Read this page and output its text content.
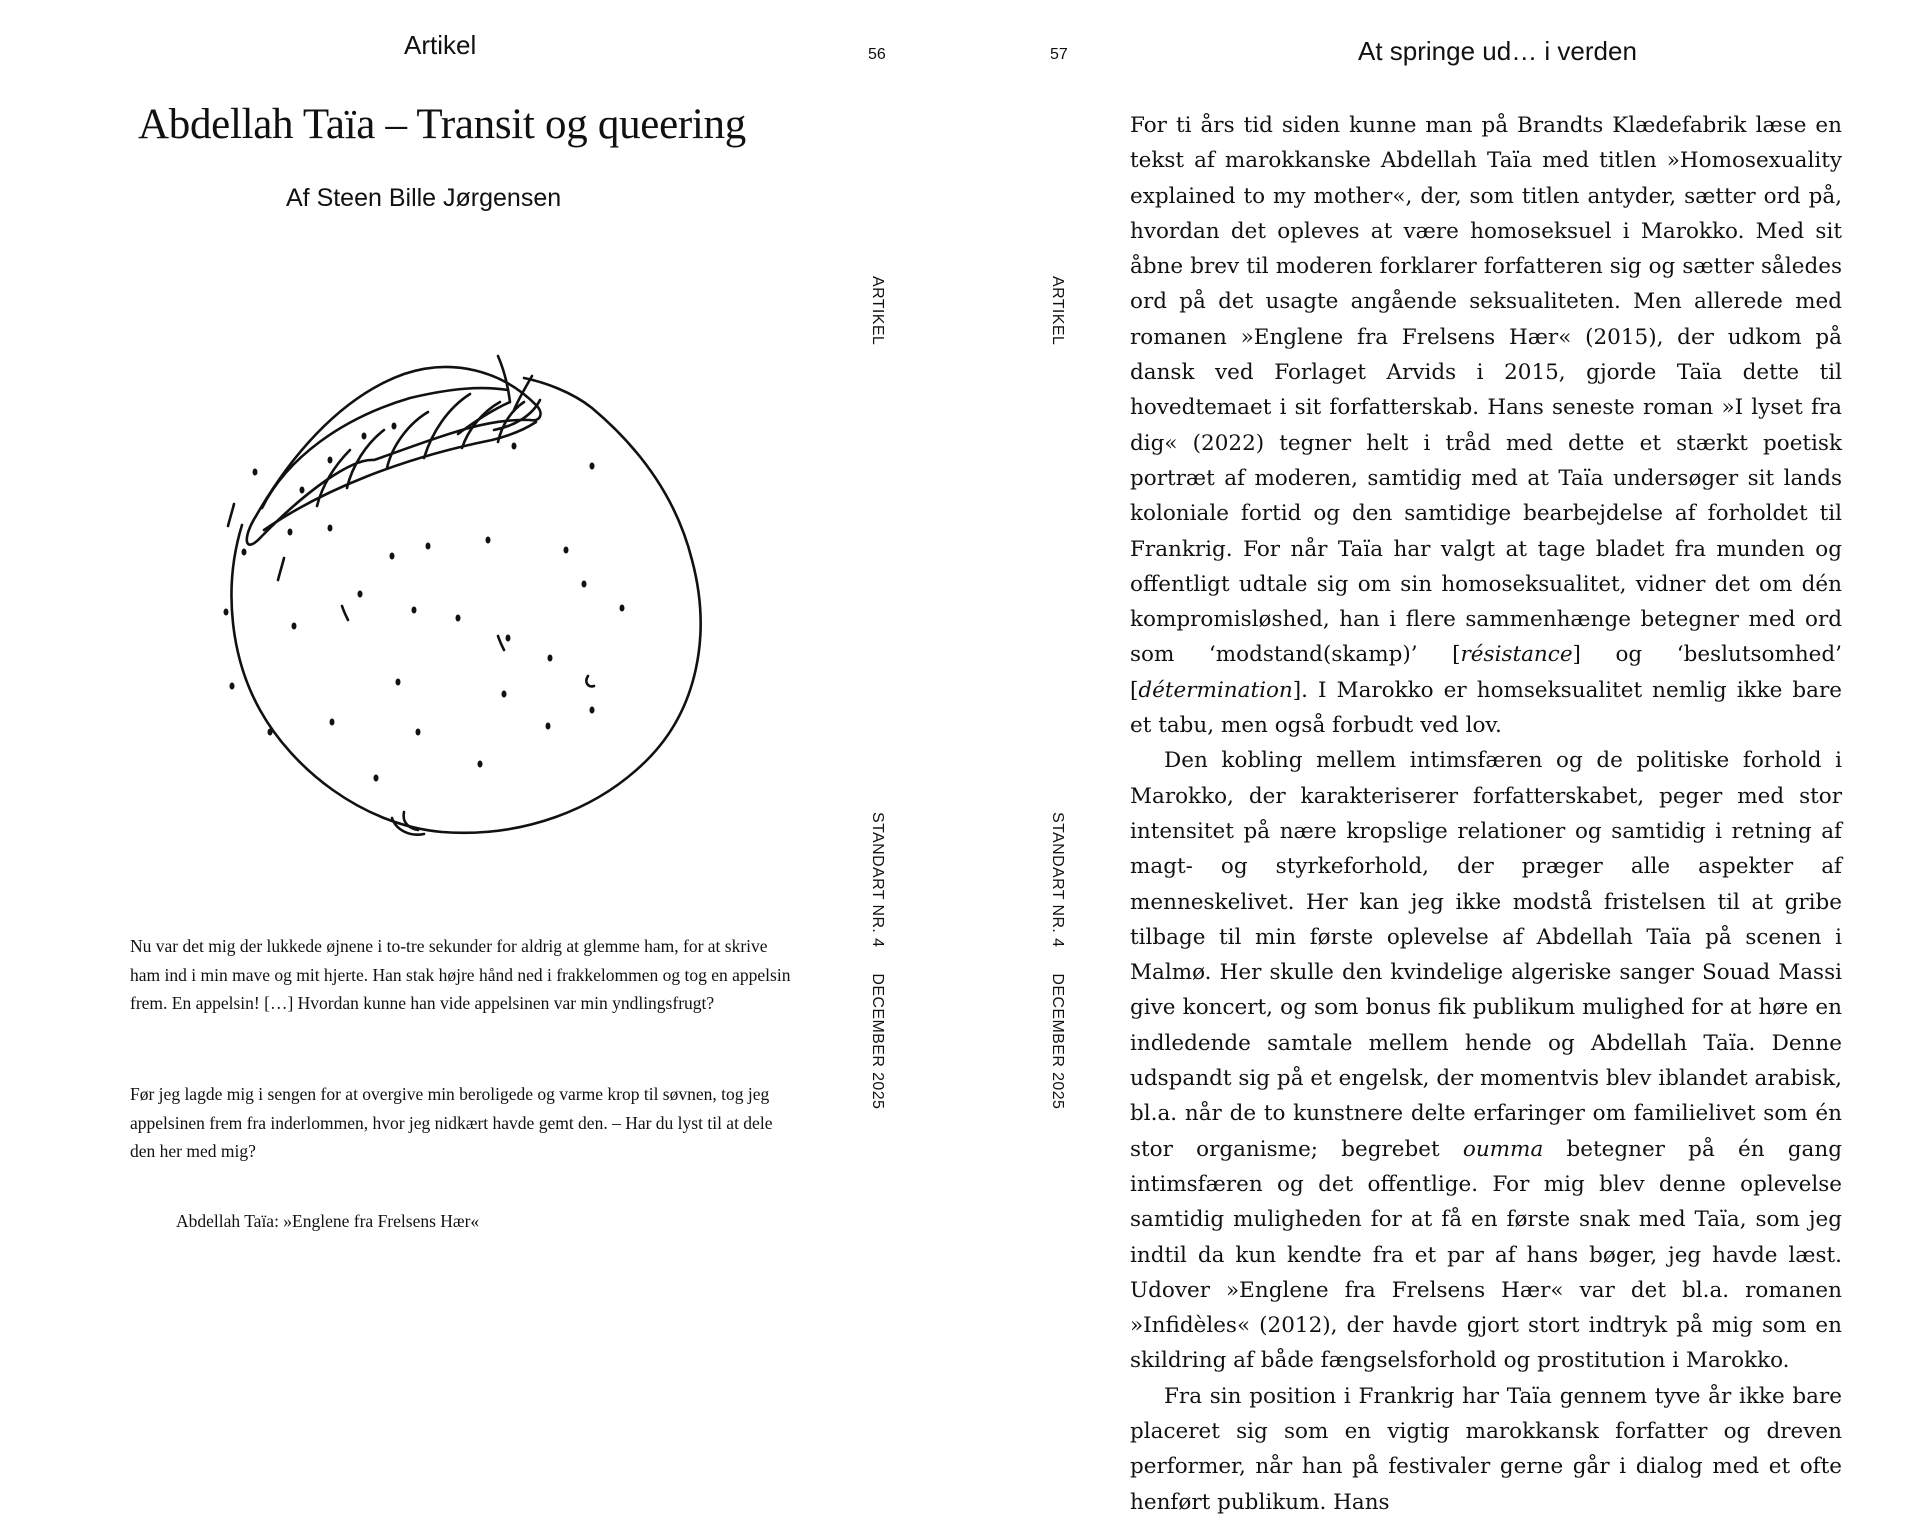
Artikel	56
Abdellah Taïa – Transit og queering
Af Steen Bille Jørgensen

Nu var det mig der lukkede øjnene i to-tre sekunder for aldrig at glemme ham, for at skrive ham ind i min mave og mit hjerte. Han stak højre hånd ned i frakkelommen og tog en appelsin frem. En appelsin! […] Hvordan kunne han vide appelsinen var min yndlingsfrugt?

Før jeg lagde mig i sengen for at overgive min beroligede og varme krop til søvnen, tog jeg appelsinen frem fra inderlommen, hvor jeg nidkært havde gemt den. – Har du lyst til at dele den her med mig?

Abdellah Taïa: »Englene fra Frelsens Hær«
ARTIKEL
STANDART NR. 4DECEMBER 2025
57	At springe ud… i verden
ARTIKEL
STANDART NR. 4DECEMBER 2025

For ti års tid siden kunne man på Brandts Klædefabrik læse en tekst af marokkanske Abdellah Taïa med titlen »Homosexuality explained to my mother«, der, som titlen antyder, sætter ord på, hvordan det opleves at være homoseksuel i Marokko. Med sit åbne brev til moderen forklarer forfatteren sig og sætter således ord på det usagte angående seksualiteten. Men allerede med romanen »Englene fra Frelsens Hær« (2015), der udkom på dansk ved Forlaget Arvids i 2015, gjorde Taïa dette til hovedtemaet i sit forfatterskab. Hans seneste roman »I lyset fra dig« (2022) tegner helt i tråd med dette et stærkt poetisk portræt af moderen, samtidig med at Taïa undersøger sit lands koloniale fortid og den samtidige bearbejdelse af forholdet til Frankrig. For når Taïa har valgt at tage bladet fra munden og offentligt udtale sig om sin homoseksualitet, vidner det om dén kompromisløshed, han i flere sammenhænge betegner med ord som ‘modstand(skamp)’ [résistance] og ‘beslutsomhed’ [détermination]. I Marokko er homseksualitet nemlig ikke bare et tabu, men også forbudt ved lov.

Den kobling mellem intimsfæren og de politiske forhold i Marokko, der karakteriserer forfatterskabet, peger med stor intensitet på nære kropslige relationer og samtidig i retning af magt- og styrkeforhold, der præger alle aspekter af menneskelivet. Her kan jeg ikke modstå fristelsen til at gribe tilbage til min første oplevelse af Abdellah Taïa på scenen i Malmø. Her skulle den kvindelige algeriske sanger Souad Massi give koncert, og som bonus fik publikum mulighed for at høre en indledende samtale mellem hende og Abdellah Taïa. Denne udspandt sig på et engelsk, der momentvis blev iblandet arabisk, bl.a. når de to kunstnere delte erfaringer om familielivet som én stor organisme; begrebet oumma betegner på én gang intimsfæren og det offentlige. For mig blev denne oplevelse samtidig muligheden for at få en første snak med Taïa, som jeg indtil da kun kendte fra et par af hans bøger, jeg havde læst. Udover »Englene fra Frelsens Hær« var det bl.a. romanen »Infidèles« (2012), der havde gjort stort indtryk på mig som en skildring af både fængselsforhold og prostitution i Marokko.

Fra sin position i Frankrig har Taïa gennem tyve år ikke bare placeret sig som en vigtig marokkansk forfatter og dreven performer, når han på festivaler gerne går i dialog med et ofte henført publikum. Hans
